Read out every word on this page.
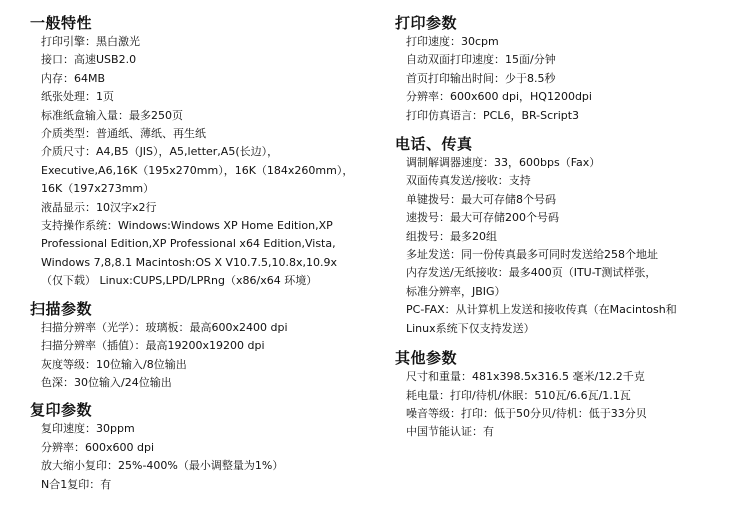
一般特性
打印引擎：黑白激光
接口：高速USB2.0
内存：64MB
纸张处理：1页
标准纸盒输入量：最多250页
介质类型：普通纸、薄纸、再生纸
介质尺寸：A4,B5（JIS），A5,letter,A5(长边），
Executive,A6,16K（195x270mm），16K（184x260mm），
16K（197x273mm）
液晶显示：10汉字x2行
支持操作系统：Windows:Windows XP Home Edition,XP
Professional Edition,XP Professional x64 Edition,Vista,
Windows 7,8,8.1 Macintosh:OS X V10.7.5,10.8x,10.9x
（仅下载） Linux:CUPS,LPD/LPRng（x86/x64 环境）
扫描参数
扫描分辨率（光学）：玻璃板：最高600x2400 dpi
扫描分辨率（插值）：最高19200x19200 dpi
灰度等级：10位输入/8位输出
色深：30位输入/24位输出
复印参数
复印速度：30ppm
分辨率：600x600 dpi
放大缩小复印：25%-400%（最小调整量为1%）
N合1复印：有
打印参数
打印速度：30cpm
自动双面打印速度：15面/分钟
首页打印输出时间：少于8.5秒
分辨率：600x600 dpi，HQ1200dpi
打印仿真语言：PCL6，BR-Script3
电话、传真
调制解调器速度：33，600bps（Fax）
双面传真发送/接收：支持
单键拨号：最大可存储8个号码
速拨号：最大可存储200个号码
组拨号：最多20组
多址发送：同一份传真最多可同时发送给258个地址
内存发送/无纸接收：最多400页（ITU-T测试样张，
标准分辨率，JBIG）
PC-FAX：从计算机上发送和接收传真（在Macintosh和
Linux系统下仅支持发送）
其他参数
尺寸和重量：481x398.5x316.5 毫米/12.2千克
耗电量：打印/待机/休眠：510瓦/6.6瓦/1.1瓦
噪音等级：打印：低于50分贝/待机：低于33分贝
中国节能认证：有
